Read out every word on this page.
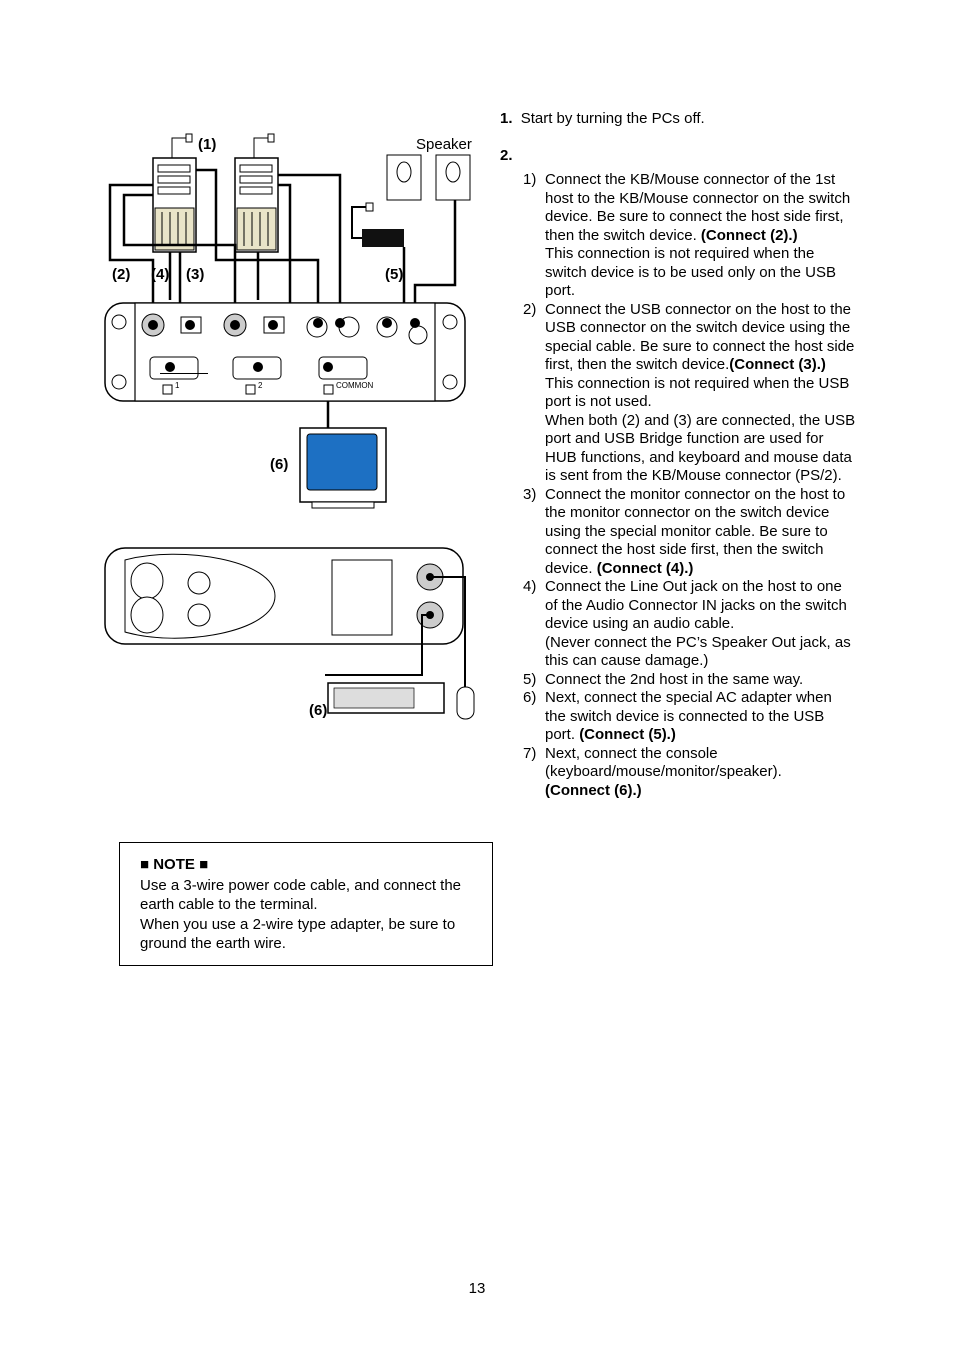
(1)	Speaker
(2) (4) (3)	(5)
(6)
(6)
1	2	COMMON
■ NOTE ■
Use a 3-wire power code cable, and connect the earth cable to the terminal.
When you use a 2-wire type adapter, be sure to ground the earth wire.
1. Start by turning the PCs off.
2.
1) Connect the KB/Mouse connector of the 1st host to the KB/Mouse connector on the switch device. Be sure to connect the host side first, then the switch device. (Connect (2).)
This connection is not required when the switch device is to be used only on the USB port.
2) Connect the USB connector on the host to the USB connector on the switch device using the special cable. Be sure to connect the host side first, then the switch device.(Connect (3).)
This connection is not required when the USB port is not used.
When both (2) and (3) are connected, the USB port and USB Bridge function are used for HUB functions, and keyboard and mouse data is sent from the KB/Mouse connector (PS/2).
3) Connect the monitor connector on the host to the monitor connector on the switch device using the special monitor cable. Be sure to connect the host side first, then the switch device. (Connect (4).)
4) Connect the Line Out jack on the host to one of the Audio Connector IN jacks on the switch device using an audio cable.
(Never connect the PC’s Speaker Out jack, as this can cause damage.)
5) Connect the 2nd host in the same way.
6) Next, connect the special AC adapter when the switch device is connected to the USB port. (Connect (5).)
7) Next, connect the console (keyboard/mouse/monitor/speaker).
(Connect (6).)
13
